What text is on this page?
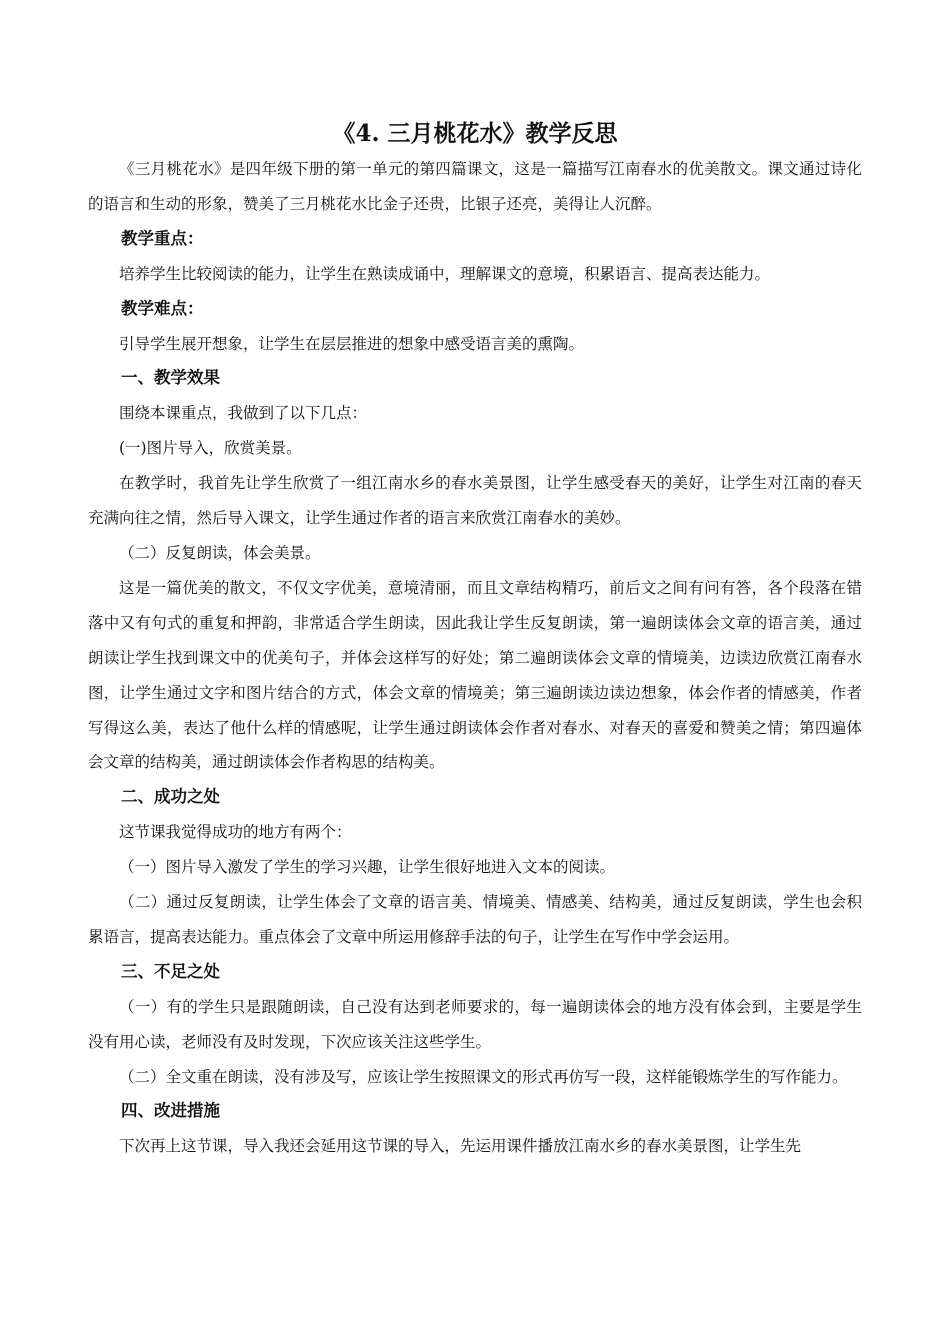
《4. 三月桃花水》教学反思

《三月桃花水》是四年级下册的第一单元的第四篇课文，这是一篇描写江南春水的优美散文。课文通过诗化的语言和生动的形象，赞美了三月桃花水比金子还贵，比银子还亮，美得让人沉醉。

教学重点：

培养学生比较阅读的能力，让学生在熟读成诵中，理解课文的意境，积累语言、提高表达能力。

教学难点：

引导学生展开想象，让学生在层层推进的想象中感受语言美的熏陶。

一、教学效果

围绕本课重点，我做到了以下几点：

(一)图片导入，欣赏美景。

在教学时，我首先让学生欣赏了一组江南水乡的春水美景图，让学生感受春天的美好，让学生对江南的春天充满向往之情，然后导入课文，让学生通过作者的语言来欣赏江南春水的美妙。

（二）反复朗读，体会美景。

这是一篇优美的散文，不仅文字优美，意境清丽，而且文章结构精巧，前后文之间有问有答，各个段落在错落中又有句式的重复和押韵，非常适合学生朗读，因此我让学生反复朗读，第一遍朗读体会文章的语言美，通过朗读让学生找到课文中的优美句子，并体会这样写的好处；第二遍朗读体会文章的情境美，边读边欣赏江南春水图，让学生通过文字和图片结合的方式，体会文章的情境美；第三遍朗读边读边想象，体会作者的情感美，作者写得这么美，表达了他什么样的情感呢，让学生通过朗读体会作者对春水、对春天的喜爱和赞美之情；第四遍体会文章的结构美，通过朗读体会作者构思的结构美。

二、成功之处

这节课我觉得成功的地方有两个：

（一）图片导入激发了学生的学习兴趣，让学生很好地进入文本的阅读。

（二）通过反复朗读，让学生体会了文章的语言美、情境美、情感美、结构美，通过反复朗读，学生也会积累语言，提高表达能力。重点体会了文章中所运用修辞手法的句子，让学生在写作中学会运用。

三、不足之处

（一）有的学生只是跟随朗读，自己没有达到老师要求的，每一遍朗读体会的地方没有体会到，主要是学生没有用心读，老师没有及时发现，下次应该关注这些学生。

（二）全文重在朗读，没有涉及写，应该让学生按照课文的形式再仿写一段，这样能锻炼学生的写作能力。

四、改进措施

下次再上这节课，导入我还会延用这节课的导入，先运用课件播放江南水乡的春水美景图，让学生先
